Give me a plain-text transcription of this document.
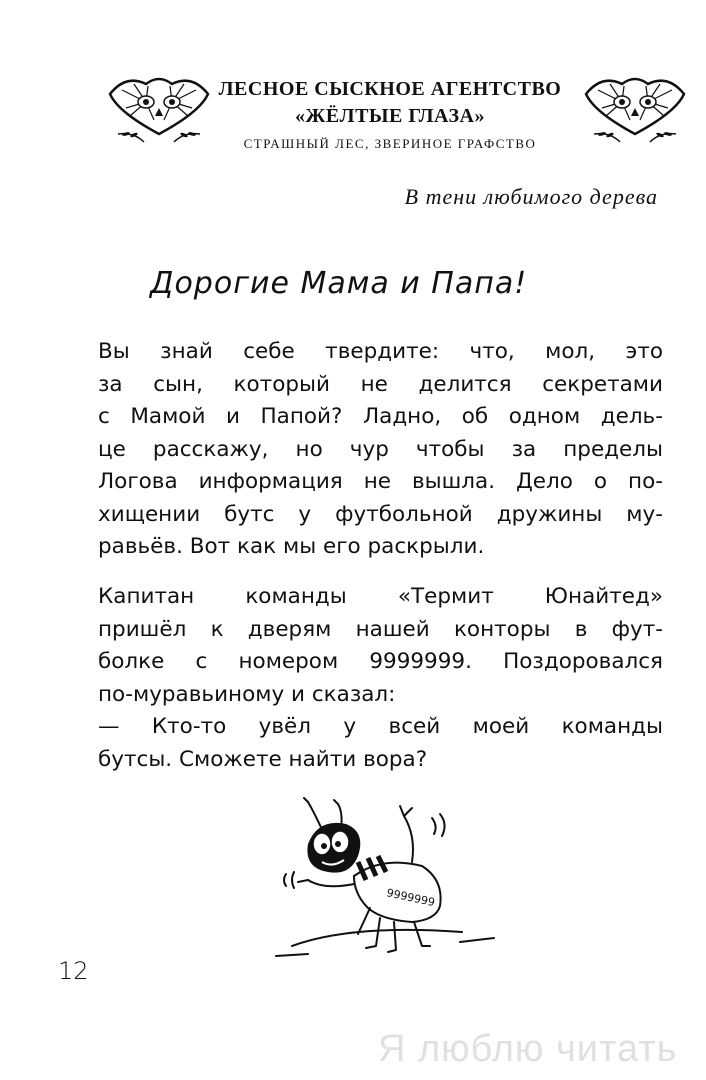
ЛЕСНОЕ СЫСКНОЕ АГЕНТСТВО
«ЖЁЛТЫЕ ГЛАЗА»
СТРАШНЫЙ ЛЕС, ЗВЕРИНОЕ ГРАФСТВО
В тени любимого дерева
Дорогие Мама и Папа!
Вы знай себе твердите: что, мол, это
за сын, который не делится секретами
с Мамой и Папой? Ладно, об одном дель-
це расскажу, но чур чтобы за пределы
Логова информация не вышла. Дело о по-
хищении бутс у футбольной дружины му-
равьёв. Вот как мы его раскрыли.
Капитан команды «Термит Юнайтед»
пришёл к дверям нашей конторы в фут-
болке с номером 9999999. Поздоровался
по-муравьиному и сказал:
— Кто-то увёл у всей моей команды
бутсы. Сможете найти вора?
9999999
12
Я люблю читать
